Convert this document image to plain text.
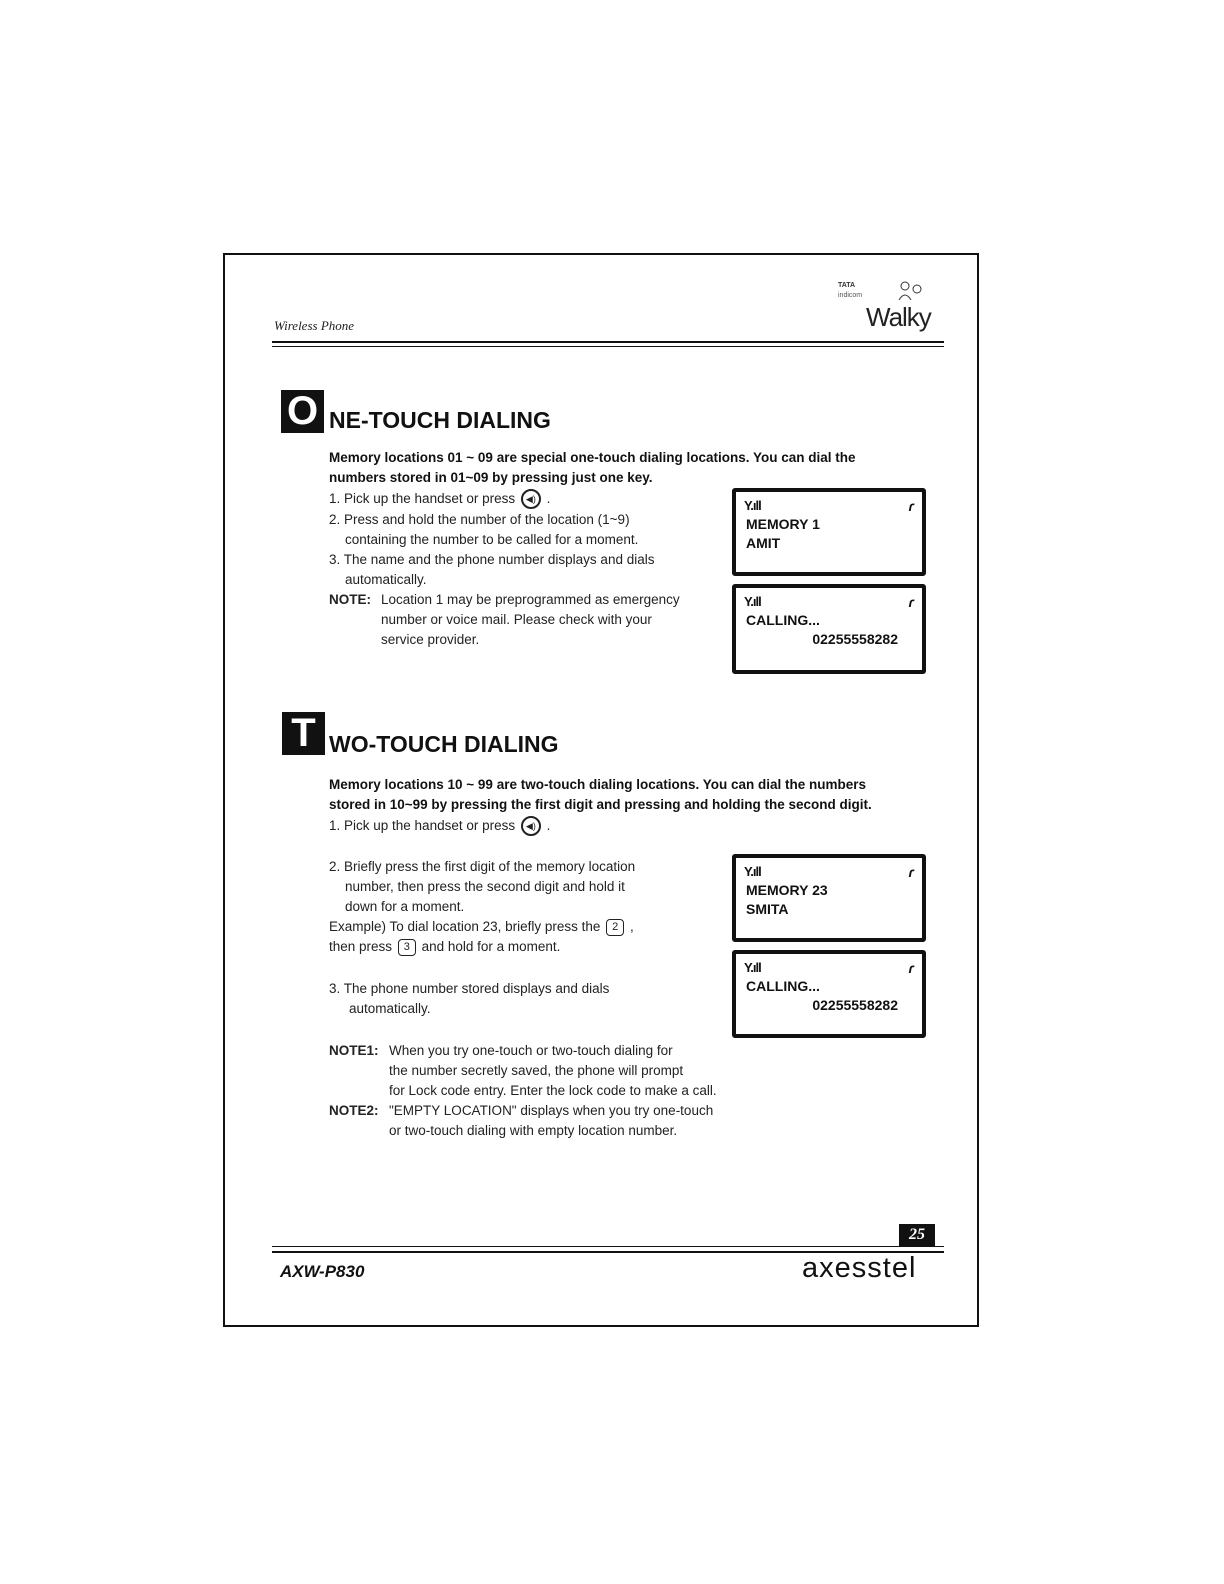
Wireless Phone
TATA
indicom
Walky
O NE-TOUCH DIALING
Memory locations 01 ~ 09 are special one-touch dialing locations. You can dial the
numbers stored in 01~09 by pressing just one key.
1. Pick up the handset or press ◀) .
2. Press and hold the number of the location (1~9)
containing the number to be called for a moment.
3. The name and the phone number displays and dials
automatically.
NOTE: Location 1 may be preprogrammed as emergency
number or voice mail. Please check with your
service provider.
Y.ıll	ɾ
MEMORY 1
AMIT
Y.ıll	ɾ
CALLING...
02255558282
T WO-TOUCH DIALING
Memory locations 10 ~ 99 are two-touch dialing locations. You can dial the numbers
stored in 10~99 by pressing the first digit and pressing and holding the second digit.
1. Pick up the handset or press ◀) .
2. Briefly press the first digit of the memory location
number, then press the second digit and hold it
down for a moment.
Example) To dial location 23, briefly press the 2 ,
then press 3 and hold for a moment.
3. The phone number stored displays and dials
automatically.
NOTE1: When you try one-touch or two-touch dialing for
the number secretly saved, the phone will prompt
for Lock code entry. Enter the lock code to make a call.
NOTE2: "EMPTY LOCATION" displays when you try one-touch
or two-touch dialing with empty location number.
Y.ıll	ɾ
MEMORY 23
SMITA
Y.ıll	ɾ
CALLING...
02255558282
25
AXW-P830	axesstel
